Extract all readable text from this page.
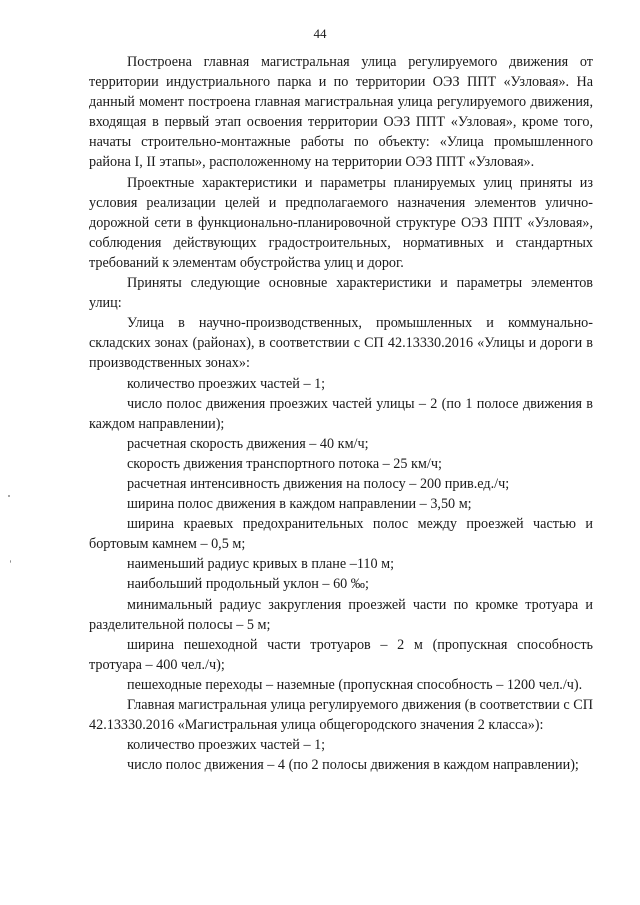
44

Построена главная магистральная улица регулируемого движения от территории индустриального парка и по территории ОЭЗ ППТ «Узловая». На данный момент построена главная магистральная улица регулируемого движения, входящая в первый этап освоения территории ОЭЗ ППТ «Узловая», кроме того, начаты строительно-монтажные работы по объекту: «Улица промышленного района I, II этапы», расположенному на территории ОЭЗ ППТ «Узловая».

Проектные характеристики и параметры планируемых улиц приняты из условия реализации целей и предполагаемого назначения элементов улично-дорожной сети в функционально-планировочной структуре ОЭЗ ППТ «Узловая», соблюдения действующих градостроительных, нормативных и стандартных требований к элементам обустройства улиц и дорог.

Приняты следующие основные характеристики и параметры элементов улиц:

Улица в научно-производственных, промышленных и коммунально-складских зонах (районах), в соответствии с СП 42.13330.2016 «Улицы и дороги в производственных зонах»:

количество проезжих частей – 1;

число полос движения проезжих частей улицы – 2 (по 1 полосе движения в каждом направлении);

расчетная скорость движения – 40 км/ч;

скорость движения транспортного потока – 25 км/ч;

расчетная интенсивность движения на полосу – 200 прив.ед./ч;

ширина полос движения в каждом направлении – 3,50 м;

ширина краевых предохранительных полос между проезжей частью и бортовым камнем – 0,5 м;

наименьший радиус кривых в плане –110 м;

наибольший продольный уклон – 60 ‰;

минимальный радиус закругления проезжей части по кромке тротуара и разделительной полосы – 5 м;

ширина пешеходной части тротуаров – 2 м (пропускная способность тротуара – 400 чел./ч);

пешеходные переходы – наземные (пропускная способность – 1200 чел./ч).

Главная магистральная улица регулируемого движения (в соответствии с СП 42.13330.2016 «Магистральная улица общегородского значения 2 класса»):

количество проезжих частей – 1;

число полос движения – 4 (по 2 полосы движения в каждом направлении);
